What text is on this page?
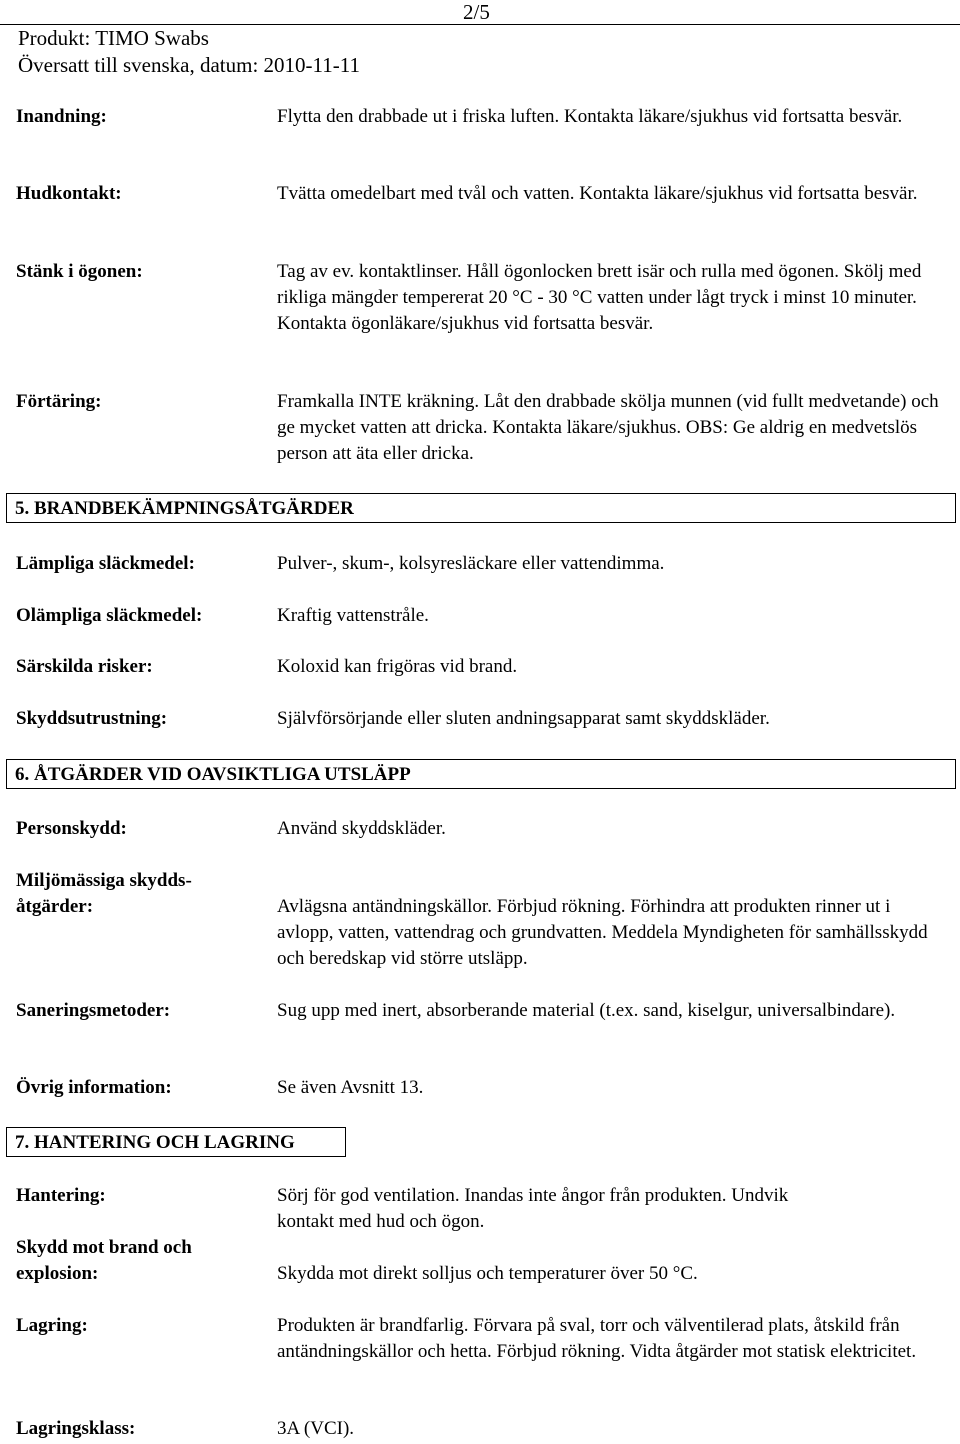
2/5
Produkt: TIMO Swabs
Översatt till svenska, datum: 2010-11-11
Inandning:	Flytta den drabbade ut i friska luften. Kontakta läkare/sjukhus vid fortsatta besvär.
Hudkontakt:	Tvätta omedelbart med tvål och vatten. Kontakta läkare/sjukhus vid fortsatta besvär.
Stänk i ögonen:	Tag av ev. kontaktlinser. Håll ögonlocken brett isär och rulla med ögonen. Skölj med rikliga mängder tempererat 20 °C - 30 °C vatten under lågt tryck i minst 10 minuter. Kontakta ögonläkare/sjukhus vid fortsatta besvär.
Förtäring:	Framkalla INTE kräkning. Låt den drabbade skölja munnen (vid fullt medvetande) och ge mycket vatten att dricka. Kontakta läkare/sjukhus. OBS: Ge aldrig en medvetslös person att äta eller dricka.
5. BRANDBEKÄMPNINGSÅTGÄRDER
Lämpliga släckmedel:	Pulver-, skum-, kolsyresläckare eller vattendimma.
Olämpliga släckmedel:	Kraftig vattenstråle.
Särskilda risker:	Koloxid kan frigöras vid brand.
Skyddsutrustning:	Självförsörjande eller sluten andningsapparat samt skyddskläder.
6. ÅTGÄRDER VID OAVSIKTLIGA UTSLÄPP
Personskydd:	Använd skyddskläder.
Miljömässiga skydds- åtgärder:	Avlägsna antändningskällor. Förbjud rökning. Förhindra att produkten rinner ut i avlopp, vatten, vattendrag och grundvatten. Meddela Myndigheten för samhällsskydd och beredskap vid större utsläpp.
Saneringsmetoder:	Sug upp med inert, absorberande material (t.ex. sand, kiselgur, universalbindare).
Övrig information:	Se även Avsnitt 13.
7. HANTERING OCH LAGRING
Hantering:	Sörj för god ventilation. Inandas inte ångor från produkten. Undvik kontakt med hud och ögon.
Skydd mot brand och explosion:	Skydda mot direkt solljus och temperaturer över 50 °C.
Lagring:	Produkten är brandfarlig. Förvara på sval, torr och välventilerad plats, åtskild från antändningskällor och hetta. Förbjud rökning. Vidta åtgärder mot statisk elektricitet.
Lagringsklass:	3A (VCI).
